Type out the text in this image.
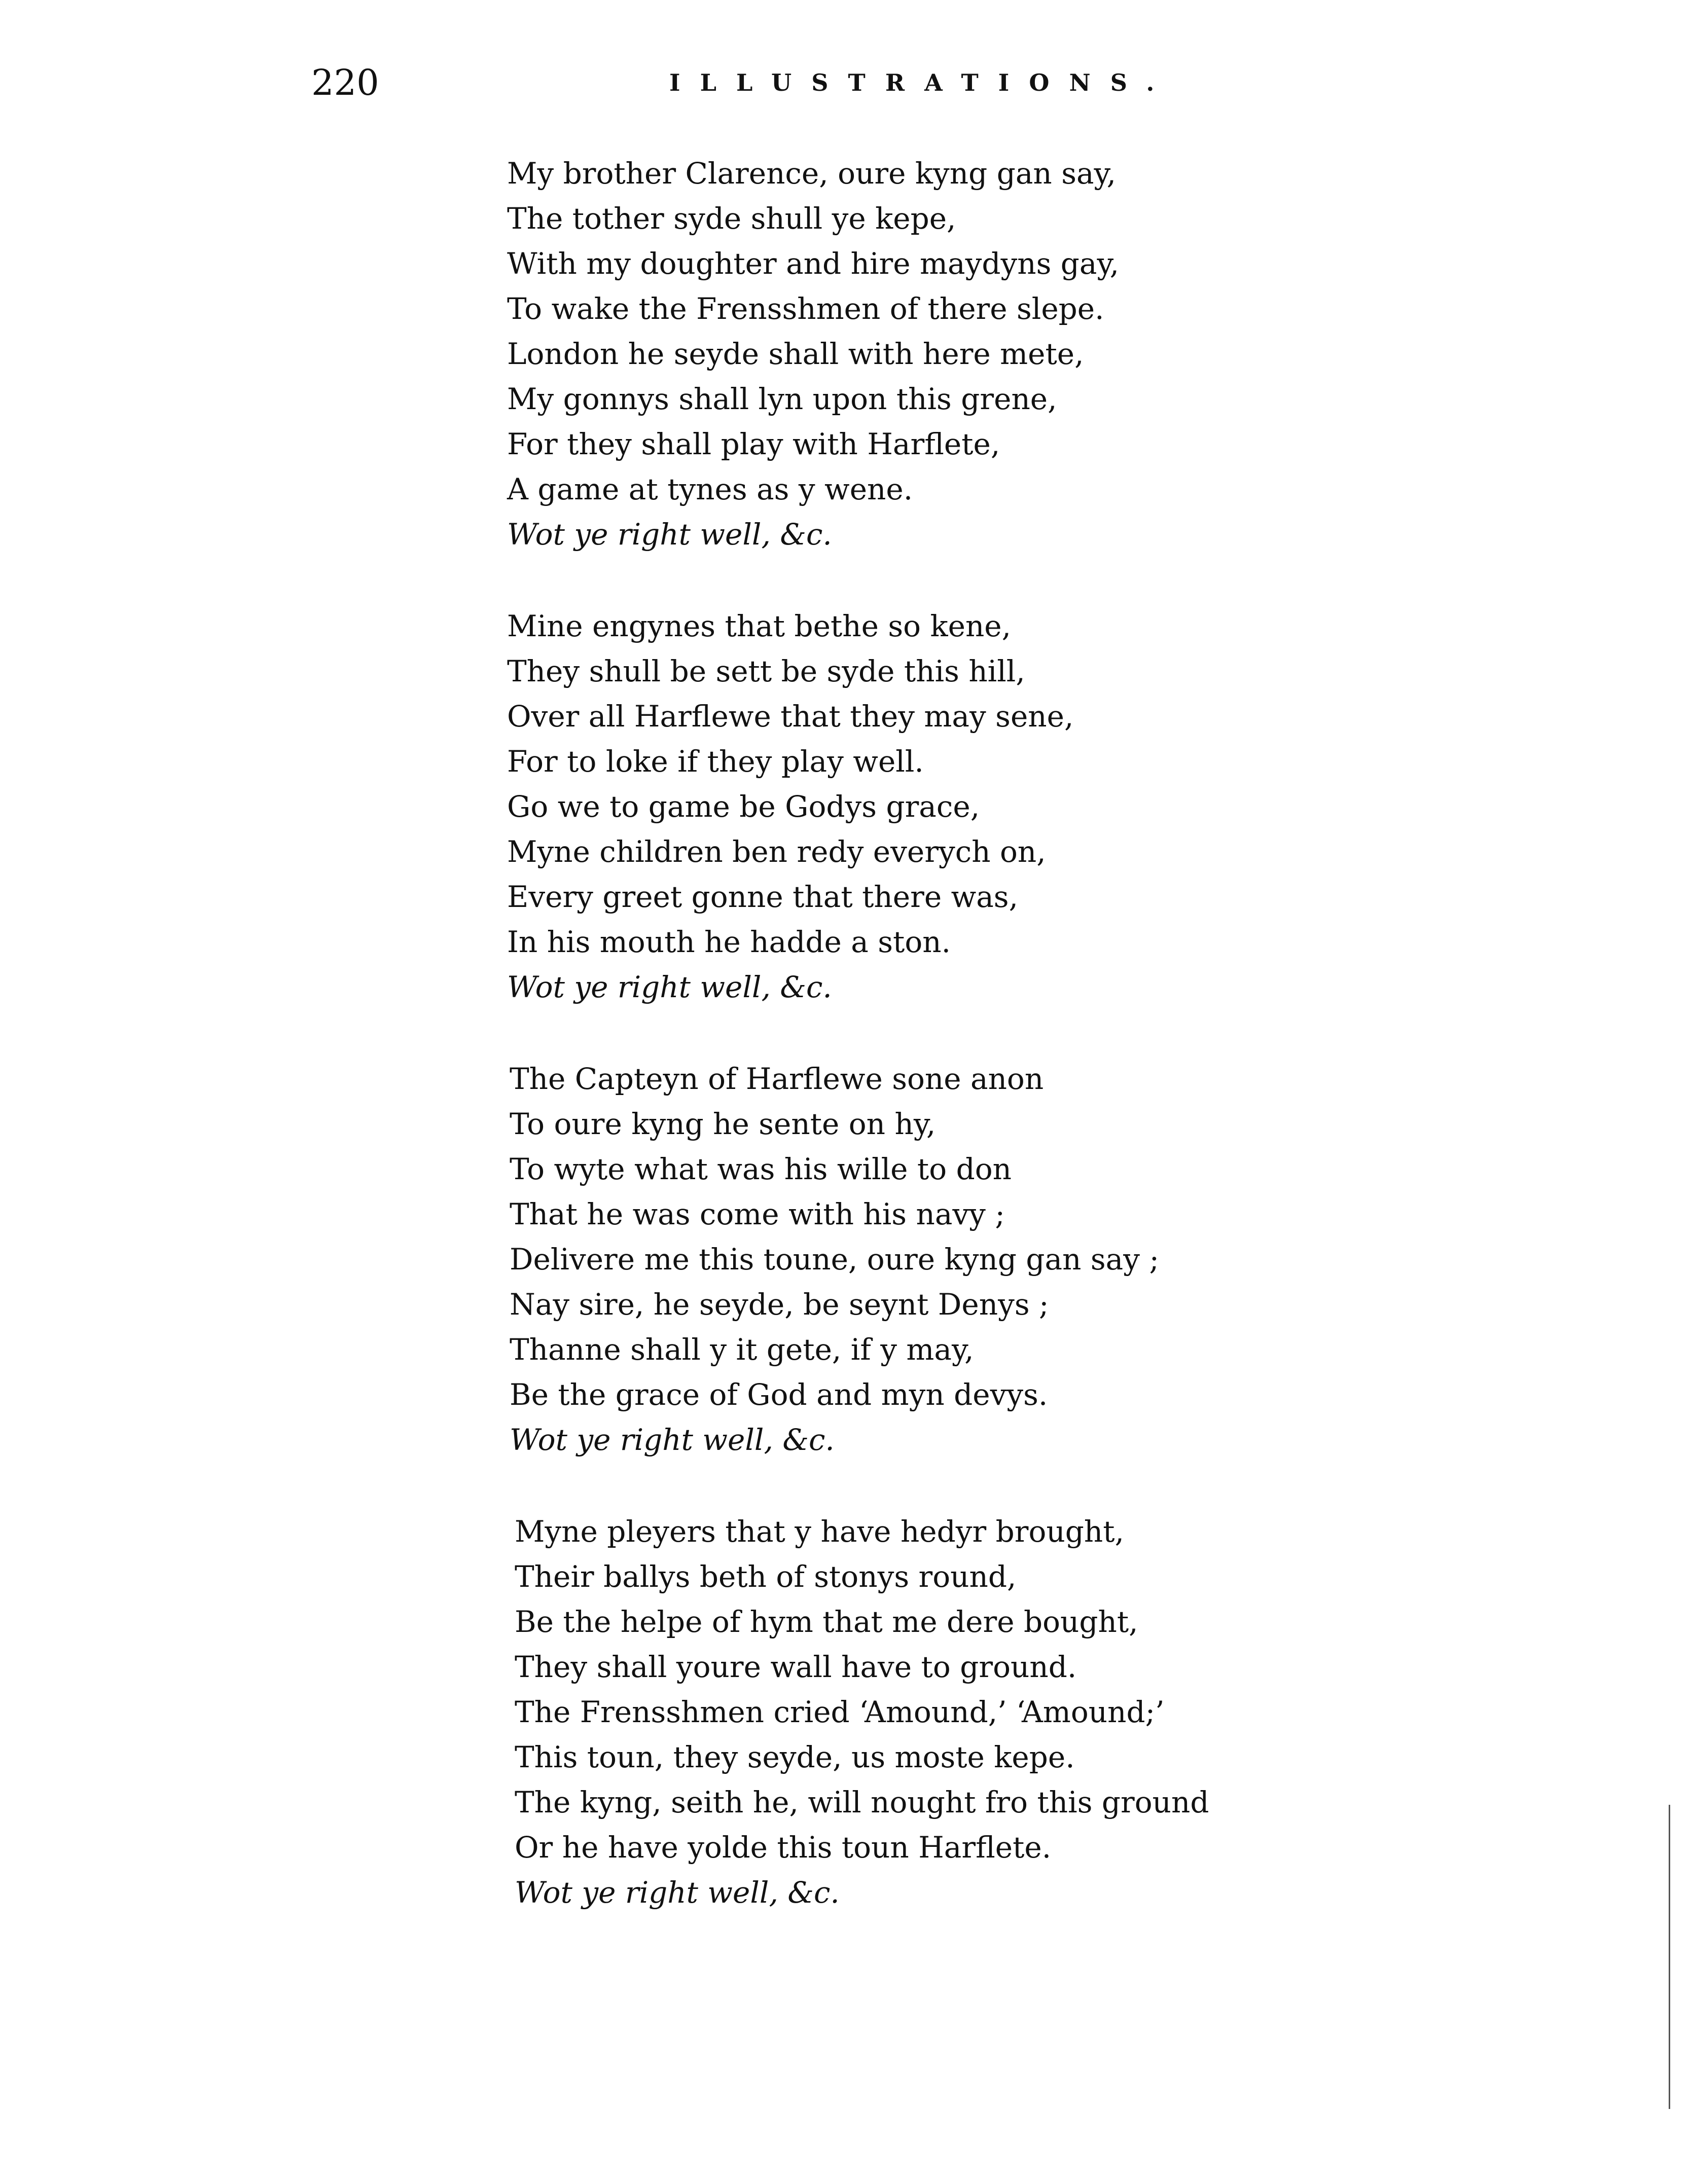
220	ILLUSTRATIONS.
My brother Clarence, oure kyng gan say,
The tother syde shull ye kepe,
With my doughter and hire maydyns gay,
To wake the Frensshmen of there slepe.
London he seyde shall with here mete,
My gonnys shall lyn upon this grene,
For they shall play with Harflete,
A game at tynes as y wene.
Wot ye right well, &c.
Mine engynes that bethe so kene,
They shull be sett be syde this hill,
Over all Harflewe that they may sene,
For to loke if they play well.
Go we to game be Godys grace,
Myne children ben redy everych on,
Every greet gonne that there was,
In his mouth he hadde a ston.
Wot ye right well, &c.
The Capteyn of Harflewe sone anon
To oure kyng he sente on hy,
To wyte what was his wille to don
That he was come with his navy ;
Delivere me this toune, oure kyng gan say ;
Nay sire, he seyde, be seynt Denys ;
Thanne shall y it gete, if y may,
Be the grace of God and myn devys.
Wot ye right well, &c.
Myne pleyers that y have hedyr brought,
Their ballys beth of stonys round,
Be the helpe of hym that me dere bought,
They shall youre wall have to ground.
The Frensshmen cried ‘Amound,’ ‘Amound;’
This toun, they seyde, us moste kepe.
The kyng, seith he, will nought fro this ground
Or he have yolde this toun Harflete.
Wot ye right well, &c.
